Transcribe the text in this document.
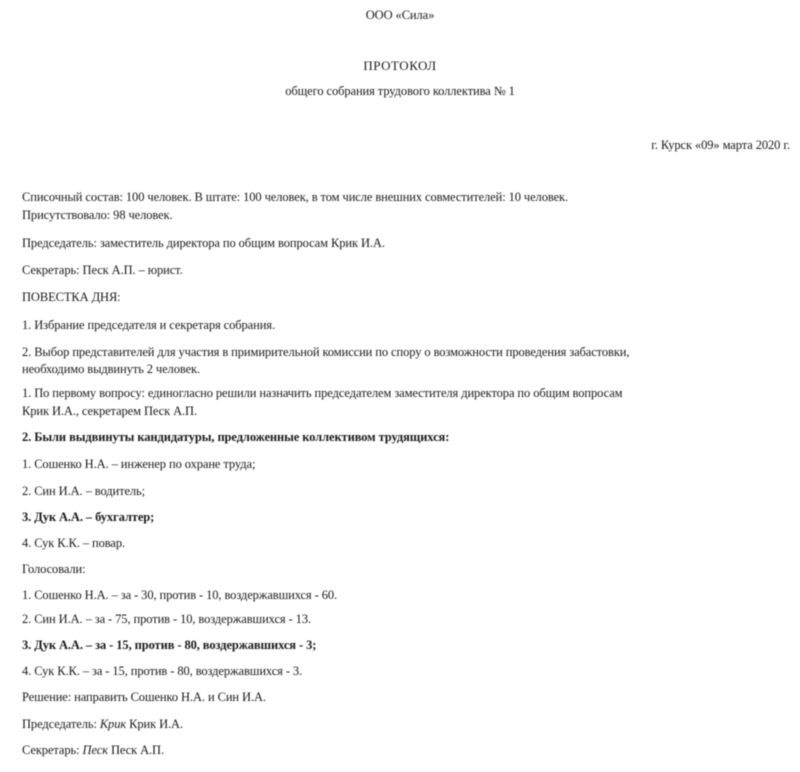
ООО «Сила»
ПРОТОКОЛ
общего собрания трудового коллектива № 1
г. Курск «09» марта 2020 г.
Списочный состав: 100 человек. В штате: 100 человек, в том числе внешних совместителей: 10 человек.
Присутствовало: 98 человек.
Председатель: заместитель директора по общим вопросам Крик И.А.
Секретарь: Песк А.П. – юрист.
ПОВЕСТКА ДНЯ:
1. Избрание председателя и секретаря собрания.
2. Выбор представителей для участия в примирительной комиссии по спору о возможности проведения забастовки,
необходимо выдвинуть 2 человек.
1. По первому вопросу: единогласно решили назначить председателем заместителя директора по общим вопросам
Крик И.А., секретарем Песк А.П.
2. Были выдвинуты кандидатуры, предложенные коллективом трудящихся:
1. Сошенко Н.А. – инженер по охране труда;
2. Син И.А. – водитель;
3. Дук А.А. – бухгалтер;
4. Сук К.К. – повар.
Голосовали:
1. Сошенко Н.А. – за - 30, против - 10, воздержавшихся - 60.
2. Син И.А. – за - 75, против - 10, воздержавшихся - 13.
3. Дук А.А. – за - 15, против - 80, воздержавшихся - 3;
4. Сук К.К. – за - 15, против - 80, воздержавшихся - 3.
Решение: направить Сошенко Н.А. и Син И.А.
Председатель: Крик Крик И.А.
Секретарь: Песк Песк А.П.
